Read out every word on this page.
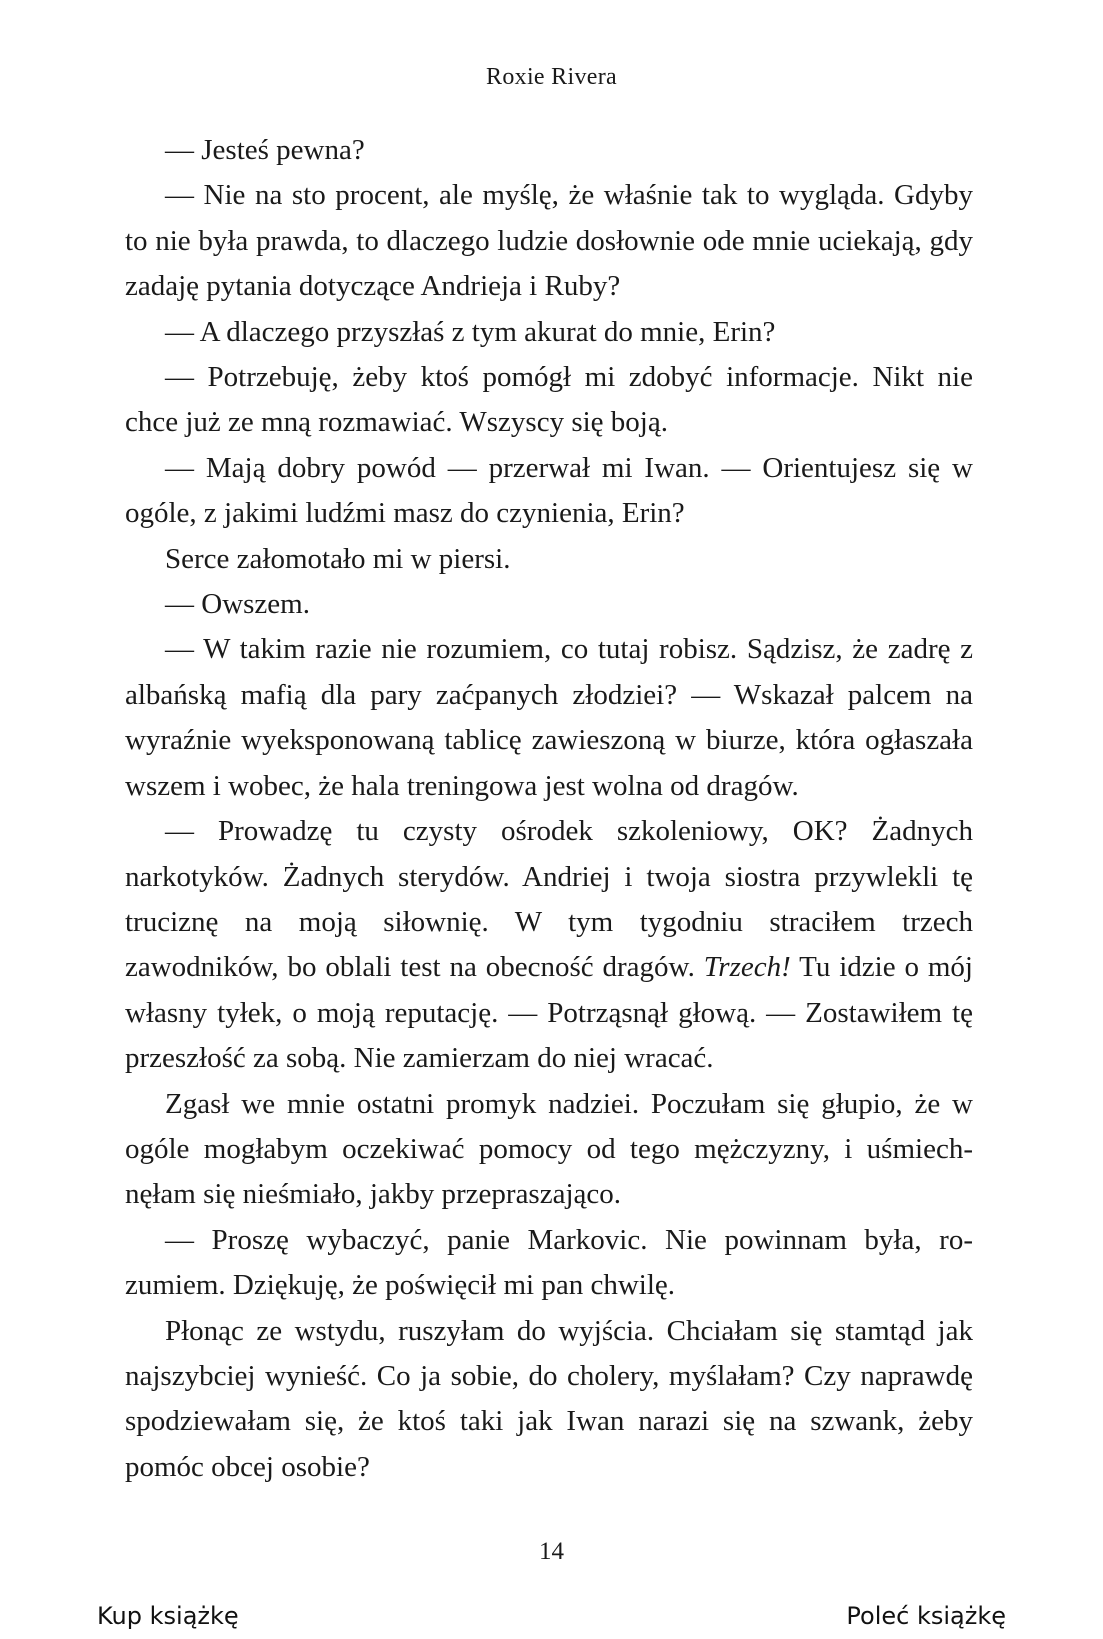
Roxie Rivera

— Jesteś pewna?

— Nie na sto procent, ale myślę, że właśnie tak to wygląda. Gdyby to nie była prawda, to dlaczego ludzie dosłownie ode mnie uciekają, gdy zadaję pytania dotyczące Andrieja i Ruby?

— A dlaczego przyszłaś z tym akurat do mnie, Erin?

— Potrzebuję, żeby ktoś pomógł mi zdobyć informacje. Nikt nie chce już ze mną rozmawiać. Wszyscy się boją.

— Mają dobry powód — przerwał mi Iwan. — Orientujesz się w ogóle, z jakimi ludźmi masz do czynienia, Erin?

Serce załomotało mi w piersi.

— Owszem.

— W takim razie nie rozumiem, co tutaj robisz. Sądzisz, że zadrę z albańską mafią dla pary zaćpanych złodziei? — Wskazał palcem na wyraźnie wyeksponowaną tablicę zawieszoną w biurze, która ogłaszała wszem i wobec, że hala treningowa jest wolna od dragów.

— Prowadzę tu czysty ośrodek szkoleniowy, OK? Żadnych narkotyków. Żadnych sterydów. Andriej i twoja siostra przywlekli tę truciznę na moją siłownię. W tym tygodniu straciłem trzech zawodników, bo oblali test na obecność dragów. Trzech! Tu idzie o mój własny tyłek, o moją reputację. — Potrząsnął głową. — Zostawiłem tę przeszłość za sobą. Nie zamierzam do niej wracać.

Zgasł we mnie ostatni promyk nadziei. Poczułam się głupio, że w ogóle mogłabym oczekiwać pomocy od tego mężczyzny, i uśmiechnęłam się nieśmiało, jakby przepraszająco.

— Proszę wybaczyć, panie Markovic. Nie powinnam była, rozumiem. Dziękuję, że poświęcił mi pan chwilę.

Płonąc ze wstydu, ruszyłam do wyjścia. Chciałam się stamtąd jak najszybciej wynieść. Co ja sobie, do cholery, myślałam? Czy naprawdę spodziewałam się, że ktoś taki jak Iwan narazi się na szwank, żeby pomóc obcej osobie?

14
Kup książkę	Poleć książkę
